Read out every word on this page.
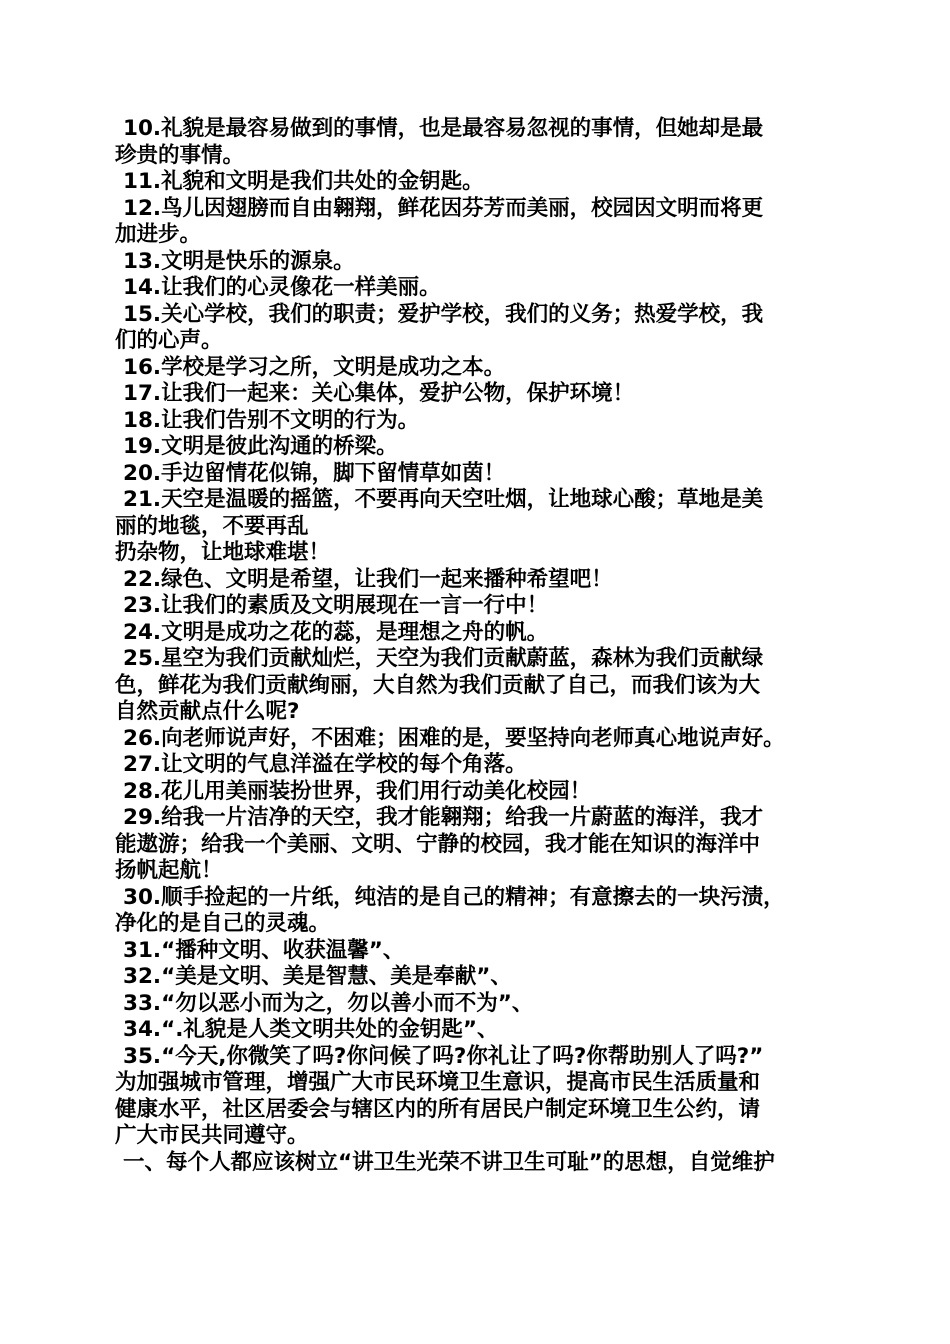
10.礼貌是最容易做到的事情，也是最容易忽视的事情，但她却是最
珍贵的事情。
11.礼貌和文明是我们共处的金钥匙。
12.鸟儿因翅膀而自由翱翔，鲜花因芬芳而美丽，校园因文明而将更
加进步。
13.文明是快乐的源泉。
14.让我们的心灵像花一样美丽。
15.关心学校，我们的职责；爱护学校，我们的义务；热爱学校，我
们的心声。
16.学校是学习之所，文明是成功之本。
17.让我们一起来：关心集体，爱护公物，保护环境！
18.让我们告别不文明的行为。
19.文明是彼此沟通的桥梁。
20.手边留情花似锦，脚下留情草如茵！
21.天空是温暖的摇篮，不要再向天空吐烟，让地球心酸；草地是美
丽的地毯，不要再乱
扔杂物，让地球难堪！
22.绿色、文明是希望，让我们一起来播种希望吧！
23.让我们的素质及文明展现在一言一行中！
24.文明是成功之花的蕊，是理想之舟的帆。
25.星空为我们贡献灿烂，天空为我们贡献蔚蓝，森林为我们贡献绿
色，鲜花为我们贡献绚丽，大自然为我们贡献了自己，而我们该为大
自然贡献点什么呢?
26.向老师说声好，不困难；困难的是，要坚持向老师真心地说声好。
27.让文明的气息洋溢在学校的每个角落。
28.花儿用美丽装扮世界，我们用行动美化校园！
29.给我一片洁净的天空，我才能翱翔；给我一片蔚蓝的海洋，我才
能遨游；给我一个美丽、文明、宁静的校园，我才能在知识的海洋中
扬帆起航！
30.顺手捡起的一片纸，纯洁的是自己的精神；有意擦去的一块污渍，
净化的是自己的灵魂。
31.“播种文明、收获温馨”、
32.“美是文明、美是智慧、美是奉献”、
33.“勿以恶小而为之，勿以善小而不为”、
34.“.礼貌是人类文明共处的金钥匙”、
35.“今天,你微笑了吗?你问候了吗?你礼让了吗?你帮助别人了吗?”
为加强城市管理，增强广大市民环境卫生意识，提高市民生活质量和
健康水平，社区居委会与辖区内的所有居民户制定环境卫生公约，请
广大市民共同遵守。
一、每个人都应该树立“讲卫生光荣不讲卫生可耻”的思想，自觉维护
